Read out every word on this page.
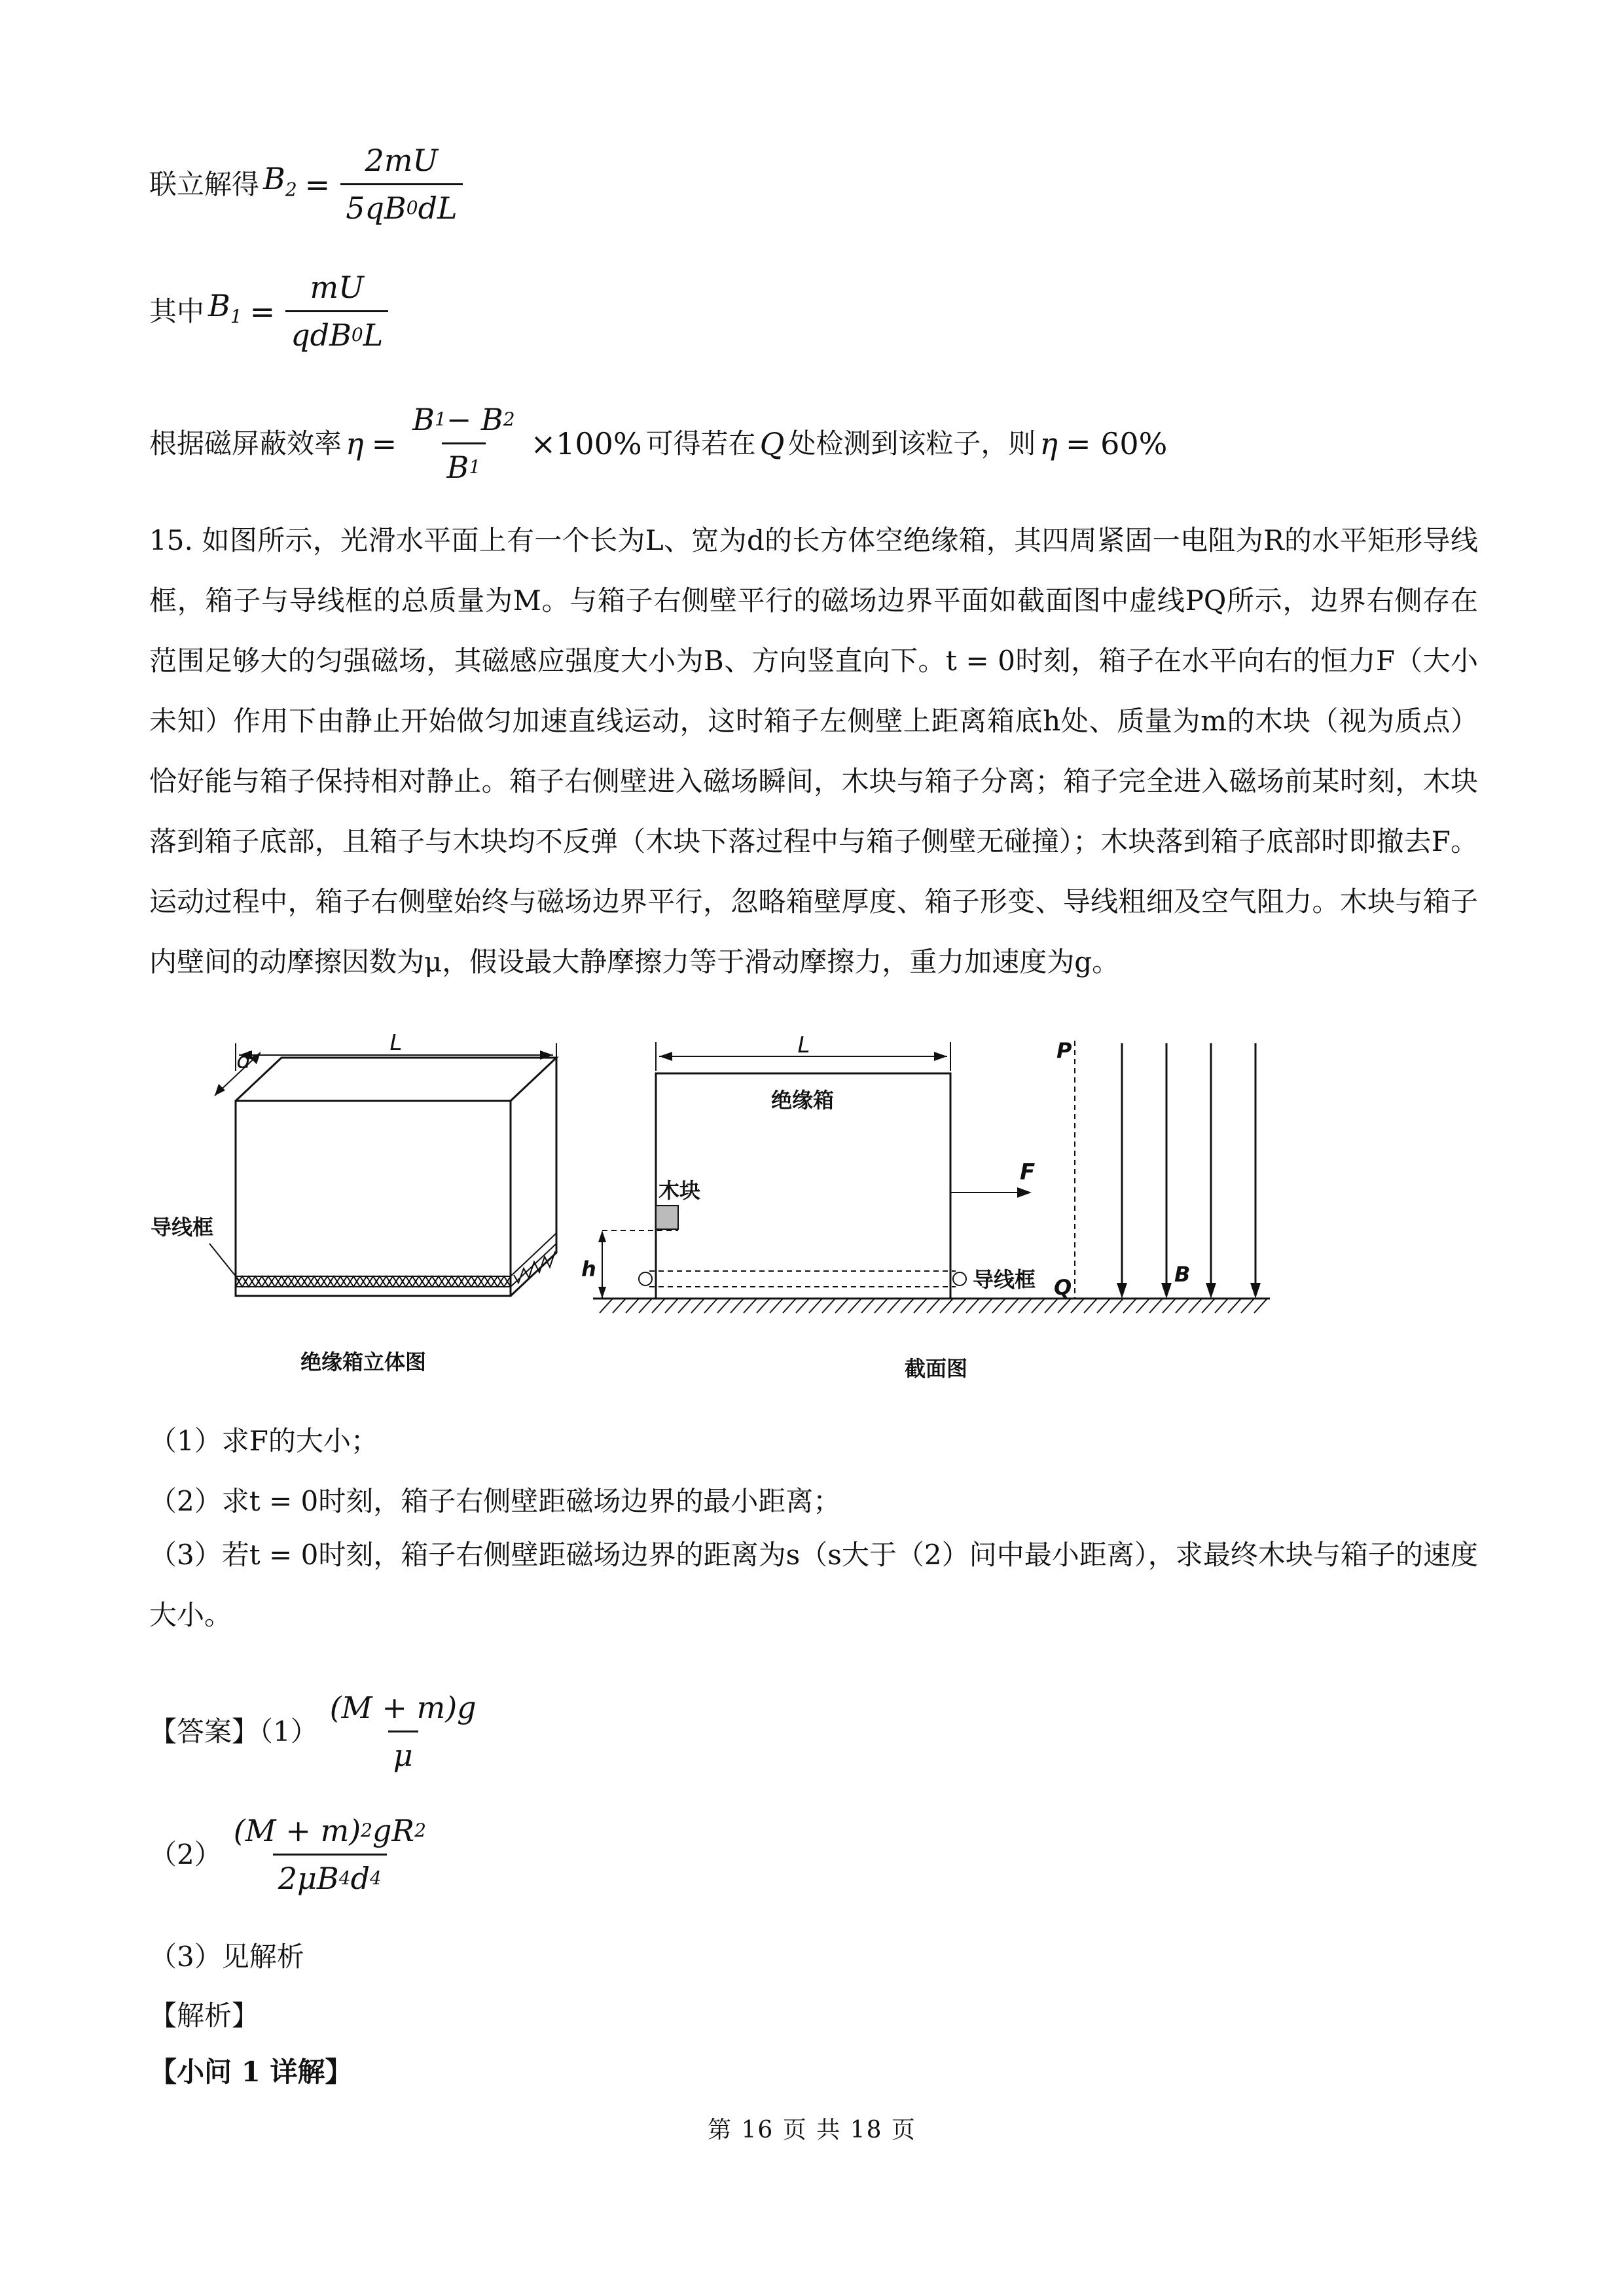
联立解得 $B_2 = \frac{2mU}{5qB 0 dL}$
其中 $B_1 = \frac{mU}{\text{qdB 0 L}}$
根据磁屏蔽效率 $\eta = \frac{B 1 - B 2}{B 1} \times 100\%$ 可得若在 Q 处检测到该粒子，则 η = 60%

15. 如图所示，光滑水平面上有一个长为L、宽为d的长方体空绝缘箱，其四周紧固一电阻为R的水平矩形导线框，箱子与导线框的总质量为M。与箱子右侧壁平行的磁场边界平面如截面图中虚线PQ所示，边界右侧存在范围足够大的匀强磁场，其磁感应强度大小为B、方向竖直向下。t = 0时刻，箱子在水平向右的恒力F（大小未知）作用下由静止开始做匀加速直线运动，这时箱子左侧壁上距离箱底h处、质量为m的木块（视为质点）恰好能与箱子保持相对静止。箱子右侧壁进入磁场瞬间，木块与箱子分离；箱子完全进入磁场前某时刻，木块落到箱子底部，且箱子与木块均不反弹（木块下落过程中与箱子侧壁无碰撞）；木块落到箱子底部时即撤去F。运动过程中，箱子右侧壁始终与磁场边界平行，忽略箱壁厚度、箱子形变、导线粗细及空气阻力。木块与箱子内壁间的动摩擦因数为μ，假设最大静摩擦力等于滑动摩擦力，重力加速度为g。

L
d
导线框
绝缘箱立体图
L
绝缘箱
木块
F
h	导线框
P
Q
B
截面图
（1）求F的大小；
（2）求t = 0时刻，箱子右侧壁距磁场边界的最小距离；

（3）若t = 0时刻，箱子右侧壁距磁场边界的距离为s（s大于（2）问中最小距离），求最终木块与箱子的速度大小。

【答案】$(1) \frac{(M + m)g}{\mu}$
$(2) \frac{(M + m) 2 gR 2}{2\mu B 4 d 4}$
（3）见解析
【解析】
【小问 1 详解】
第 16 页 共 18 页
